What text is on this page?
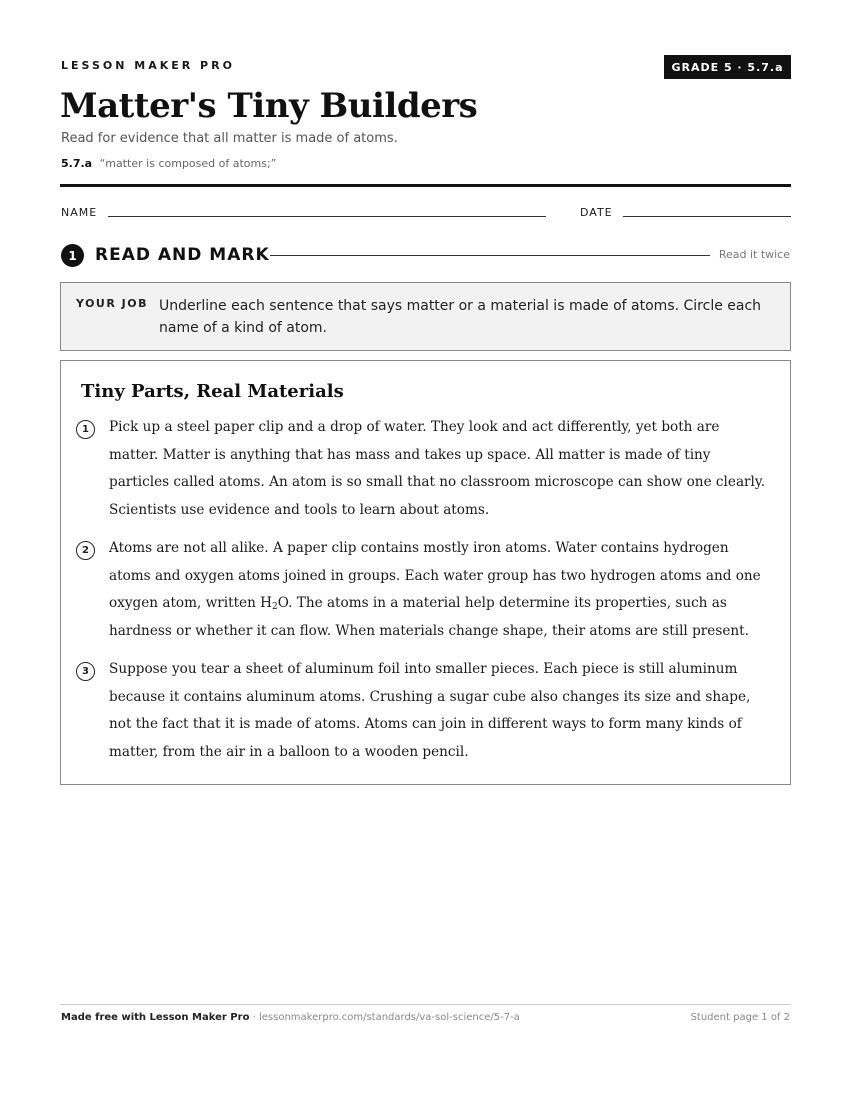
LESSON MAKER PRO	GRADE 5 · 5.7.a
Matter's Tiny Builders
Read for evidence that all matter is made of atoms.
5.7.a “matter is composed of atoms;”
NAME	DATE
1	READ AND MARK	Read it twice
YOUR JOB Underline each sentence that says matter or a material is made of atoms. Circle each name of a kind of atom.
Tiny Parts, Real Materials
1	Pick up a steel paper clip and a drop of water. They look and act differently, yet both are matter. Matter is anything that has mass and takes up space. All matter is made of tiny particles called atoms. An atom is so small that no classroom microscope can show one clearly. Scientists use evidence and tools to learn about atoms.
2	Atoms are not all alike. A paper clip contains mostly iron atoms. Water contains hydrogen atoms and oxygen atoms joined in groups. Each water group has two hydrogen atoms and one oxygen atom, written $H_2O$. The atoms in a material help determine its properties, such as hardness or whether it can flow. When materials change shape, their atoms are still present.
3	Suppose you tear a sheet of aluminum foil into smaller pieces. Each piece is still aluminum because it contains aluminum atoms. Crushing a sugar cube also changes its size and shape, not the fact that it is made of atoms. Atoms can join in different ways to form many kinds of matter, from the air in a balloon to a wooden pencil.
Made free with Lesson Maker Pro · lessonmakerpro.com/standards/va-sol-science/5-7-a	Student page 1 of 2
